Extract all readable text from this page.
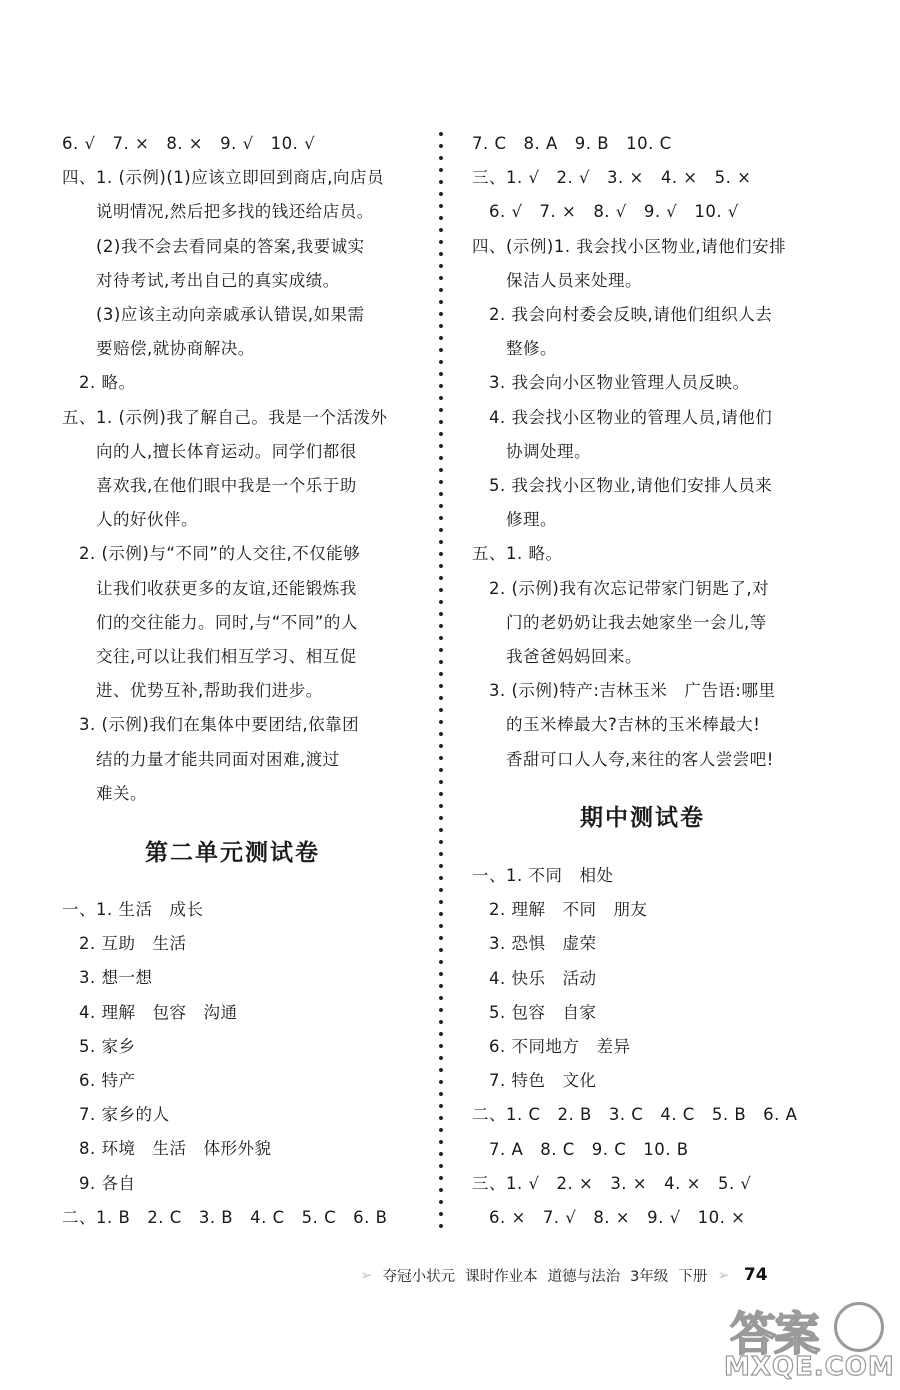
6. √　7. ×　8. ×　9. √　10. √
四、1. (示例)(1)应该立即回到商店,向店员
　　说明情况,然后把多找的钱还给店员。
　　(2)我不会去看同桌的答案,我要诚实
　　对待考试,考出自己的真实成绩。
　　(3)应该主动向亲戚承认错误,如果需
　　要赔偿,就协商解决。
　2. 略。
五、1. (示例)我了解自己。我是一个活泼外
　　向的人,擅长体育运动。同学们都很
　　喜欢我,在他们眼中我是一个乐于助
　　人的好伙伴。
　2. (示例)与“不同”的人交往,不仅能够
　　让我们收获更多的友谊,还能锻炼我
　　们的交往能力。同时,与“不同”的人
　　交往,可以让我们相互学习、相互促
　　进、优势互补,帮助我们进步。
　3. (示例)我们在集体中要团结,依靠团
　　结的力量才能共同面对困难,渡过
　　难关。
第二单元测试卷
一、1. 生活　成长
　2. 互助　生活
　3. 想一想
　4. 理解　包容　沟通
　5. 家乡
　6. 特产
　7. 家乡的人
　8. 环境　生活　体形外貌
　9. 各自
二、1. B　2. C　3. B　4. C　5. C　6. B
7. C　8. A　9. B　10. C
三、1. √　2. √　3. ×　4. ×　5. ×
　6. √　7. ×　8. √　9. √　10. √
四、(示例)1. 我会找小区物业,请他们安排
　　保洁人员来处理。
　2. 我会向村委会反映,请他们组织人去
　　整修。
　3. 我会向小区物业管理人员反映。
　4. 我会找小区物业的管理人员,请他们
　　协调处理。
　5. 我会找小区物业,请他们安排人员来
　　修理。
五、1. 略。
　2. (示例)我有次忘记带家门钥匙了,对
　　门的老奶奶让我去她家坐一会儿,等
　　我爸爸妈妈回来。
　3. (示例)特产:吉林玉米　广告语:哪里
　　的玉米棒最大?吉林的玉米棒最大!
　　香甜可口人人夸,来往的客人尝尝吧!
期中测试卷
一、1. 不同　相处
　2. 理解　不同　朋友
　3. 恐惧　虚荣
　4. 快乐　活动
　5. 包容　自家
　6. 不同地方　差异
　7. 特色　文化
二、1. C　2. B　3. C　4. C　5. B　6. A
　7. A　8. C　9. C　10. B
三、1. √　2. ×　3. ×　4. ×　5. √
　6. ×　7. √　8. ×　9. √　10. ×
➢ 夺冠小状元 课时作业本 道德与法治 3年级 下册 ➢ 74
答案
MXQE.COM
